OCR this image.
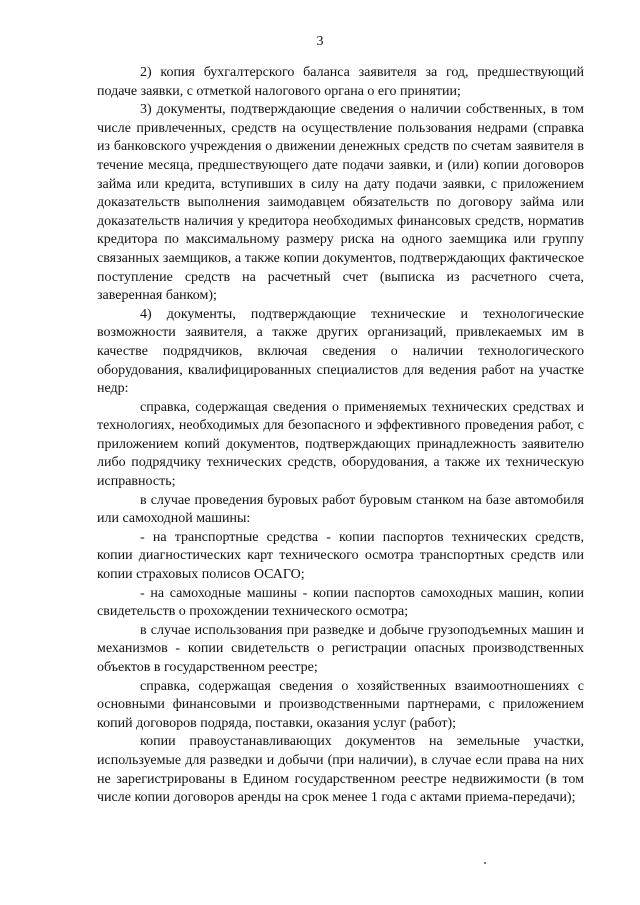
3

2) копия бухгалтерского баланса заявителя за год, предшествующий подаче заявки, с отметкой налогового органа о его принятии;

3) документы, подтверждающие сведения о наличии собственных, в том числе привлеченных, средств на осуществление пользования недрами (справка из банковского учреждения о движении денежных средств по счетам заявителя в течение месяца, предшествующего дате подачи заявки, и (или) копии договоров займа или кредита, вступивших в силу на дату подачи заявки, с приложением доказательств выполнения заимодавцем обязательств по договору займа или доказательств наличия у кредитора необходимых финансовых средств, норматив кредитора по максимальному размеру риска на одного заемщика или группу связанных заемщиков, а также копии документов, подтверждающих фактическое поступление средств на расчетный счет (выписка из расчетного счета, заверенная банком);

4) документы, подтверждающие технические и технологические возможности заявителя, а также других организаций, привлекаемых им в качестве подрядчиков, включая сведения о наличии технологического оборудования, квалифицированных специалистов для ведения работ на участке недр:

справка, содержащая сведения о применяемых технических средствах и технологиях, необходимых для безопасного и эффективного проведения работ, с приложением копий документов, подтверждающих принадлежность заявителю либо подрядчику технических средств, оборудования, а также их техническую исправность;

в случае проведения буровых работ буровым станком на базе автомобиля или самоходной машины:

- на транспортные средства - копии паспортов технических средств, копии диагностических карт технического осмотра транспортных средств или копии страховых полисов ОСАГО;

- на самоходные машины - копии паспортов самоходных машин, копии свидетельств о прохождении технического осмотра;

в случае использования при разведке и добыче грузоподъемных машин и механизмов - копии свидетельств о регистрации опасных производственных объектов в государственном реестре;

справка, содержащая сведения о хозяйственных взаимоотношениях с основными финансовыми и производственными партнерами, с приложением копий договоров подряда, поставки, оказания услуг (работ);

копии правоустанавливающих документов на земельные участки, используемые для разведки и добычи (при наличии), в случае если права на них не зарегистрированы в Едином государственном реестре недвижимости (в том числе копии договоров аренды на срок менее 1 года с актами приема-передачи);
